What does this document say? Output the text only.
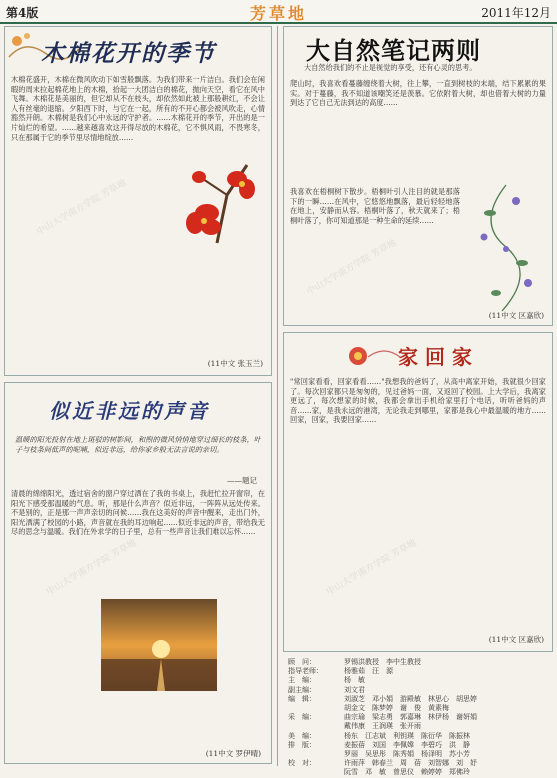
第4版	芳草地	2011年12月
木棉花开的季节
木棉花盛开，木棉在微风吹动下如雪般飘落。为我们带来一片洁白。我们会在闲暇的周末拉起棉花地上的木棉，拾起一大团洁白的棉花，抛向天空，看它在风中飞舞。木棉花是美丽的，但它却从不在枝头，却依然如此被上那般耕红，不会让人有丝毫的退缩。夕阳西下时，与它在一起，所有的不开心都会被风吹走，心情豁然开朗。木棉树是我们心中永远的守护者。……木棉花开的季节，开出的是一片灿烂的希望。……越来越喜欢这开得尽放的木棉花，它不惧风雨，不畏寒冬，只在那属于它的季节里尽情地绽放……
(11中文 张玉兰)
似近非远的声音
温暖的阳光投射在地上斑驳的树影间，和煦的微风悄悄地穿过细长的枝条，叶子与枝条间低声的呢喃，似近非远，给你家乡般无法言说的亲切。
——题记
清晨的绵绵阳光，透过宿舍的窗户穿过洒在了我的书桌上，我赶忙拉开窗帘，在阳光下感受那温暖的气息。听，那是什么声音？似近非远，一阵阵从远处传来。不是别的，正是那一声声亲切的问候……我在这美好的声音中醒来，走出门外，阳光洒满了校园的小路，声音就在我的耳边响起……似近非远的声音，带给我无尽的思念与温暖。我们在外求学的日子里，总有一些声音让我们难以忘怀……
(11中文 罗伊晴)
大自然笔记两则
大自然给我们的不止是视觉的享受，还有心灵的思考。
爬山时，我喜欢看蔓藤缠绕着大树，往上攀，一直到树枝的末端，结下累累的果实。对于蔓藤，我不知道该嘲笑还是羡慕。它依附着大树，却也借着大树的力量到达了它自己无法到达的高度……
我喜欢在梧桐树下散步。梧桐叶引人注目的就是那落下的一瞬……在风中，它悠悠地飘落，最后轻轻地落在地上，安静而从容。梧桐叶落了，秋天就来了；梧桐叶落了，你可知道那是一种生命的延续……
(11中文 区嘉欣)
家 回 家
"常回家看看，回家看看……"我想我的爸妈了，从高中离家开始，我就很少回家了。每次回家都只是匆匆的，见过爸妈一面，又返回了校园。上大学后，我离家更远了，每次想家的时候，我都会拿出手机给家里打个电话，听听爸妈的声音……家，是我永远的港湾，无论我走到哪里，家都是我心中最温暖的地方……回家，回家，我要回家……
(11中文 区嘉欣)
顾　问：	罗锡洪教授　李中生教授
指导老师：	杨雅茹　汪　源
主　编：	杨　敏
副主编：	刘文君
编　辑：	刘淑芝　邓小娟　游殿敏　林思心　胡思婷
胡金文　陈梦婷　谢　俊　黄素梅
采　编：	曲宗瑜　梁志勇　郭嘉琳　林伊杨　谢妍娟
戴伟康　王润瑛　张开雨
美　编：	杨东　江志斌　利钥瑛　陈衍华　陈振林
排　版：	麦振蓓　刘国　李佩嫦　李碧巧　洪　静
罗丽　吴思彤　陈秀娟　杨泽明　苏小芳
校　对：	许雨萍　韩春兰　周　蓓　刘智娜　刘　妤
阮雪　邓　敏　曾思仪　赖婷婷　郑佛玲
中山大学南方学院 芳草地
中山大学南方学院 芳草地
中山大学南方学院 芳草地	中山大学南方学院 芳草地
